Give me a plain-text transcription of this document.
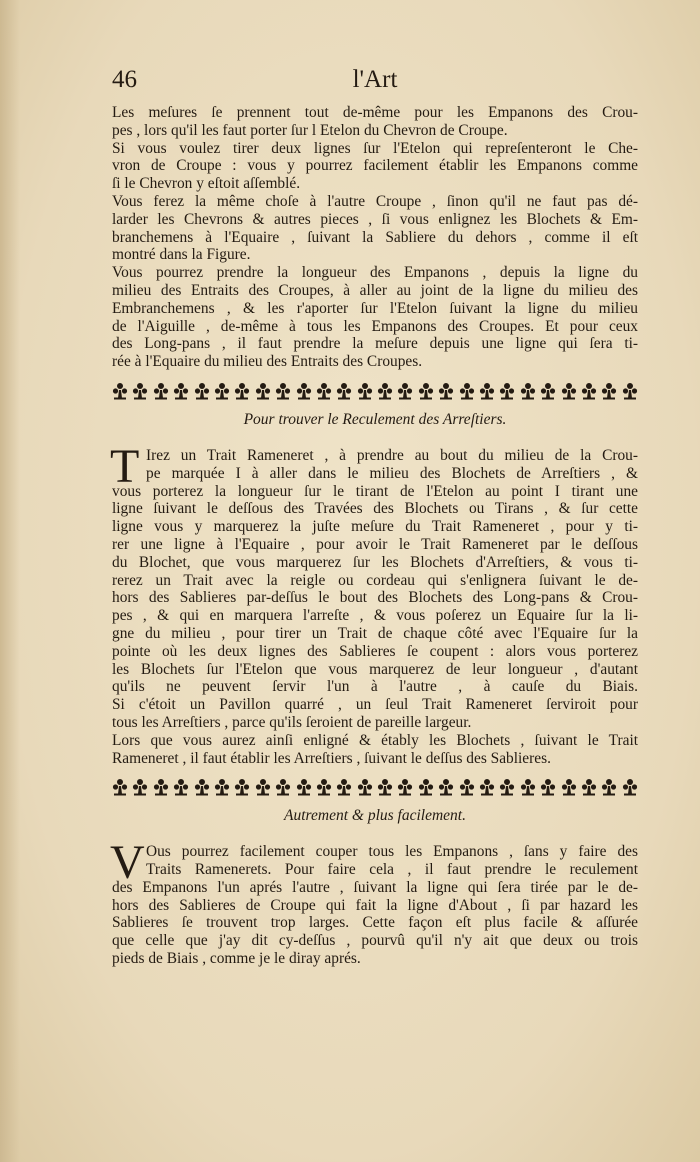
46	l'Art

Les meſures ſe prennent tout de-même pour les Empanons des Crou-
pes , lors qu'il les faut porter ſur l Etelon du Chevron de Croupe.

Si vous voulez tirer deux lignes ſur l'Etelon qui repreſenteront le Che-
vron de Croupe : vous y pourrez facilement établir les Empanons comme
ſi le Chevron y eſtoit aſſemblé.

Vous ferez la même choſe à l'autre Croupe , ſinon qu'il ne faut pas dé-
larder les Chevrons & autres pieces , ſi vous enlignez les Blochets & Em-
branchemens à l'Equaire , ſuivant la Sabliere du dehors , comme il eſt
montré dans la Figure.

Vous pourrez prendre la longueur des Empanons , depuis la ligne du
milieu des Entraits des Croupes, à aller au joint de la ligne du milieu des
Embranchemens , & les r'aporter ſur l'Etelon ſuivant la ligne du milieu
de l'Aiguille , de-même à tous les Empanons des Croupes. Et pour ceux
des Long-pans , il faut prendre la meſure depuis une ligne qui ſera ti-
rée à l'Equaire du milieu des Entraits des Croupes.

Pour trouver le Reculement des Arreſtiers.
T Irez un Trait Rameneret , à prendre au bout du milieu de la Crou-
pe marquée I à aller dans le milieu des Blochets de Arreſtiers , &
vous porterez la longueur ſur le tirant de l'Etelon au point I tirant une
ligne ſuivant le deſſous des Travées des Blochets ou Tirans , & ſur cette
ligne vous y marquerez la juſte meſure du Trait Rameneret , pour y ti-
rer une ligne à l'Equaire , pour avoir le Trait Rameneret par le deſſous
du Blochet, que vous marquerez ſur les Blochets d'Arreſtiers, & vous ti-
rerez un Trait avec la reigle ou cordeau qui s'enlignera ſuivant le de-
hors des Sablieres par-deſſus le bout des Blochets des Long-pans & Crou-
pes , & qui en marquera l'arreſte , & vous poſerez un Equaire ſur la li-
gne du milieu , pour tirer un Trait de chaque côté avec l'Equaire ſur la
pointe où les deux lignes des Sablieres ſe coupent : alors vous porterez
les Blochets ſur l'Etelon que vous marquerez de leur longueur , d'autant
qu'ils ne peuvent ſervir l'un à l'autre , à cauſe du Biais.

Si c'étoit un Pavillon quarré , un ſeul Trait Rameneret ſerviroit pour
tous les Arreſtiers , parce qu'ils ſeroient de pareille largeur.

Lors que vous aurez ainſi enligné & étably les Blochets , ſuivant le Trait
Rameneret , il faut établir les Arreſtiers , ſuivant le deſſus des Sablieres.

Autrement & plus facilement.
V Ous pourrez facilement couper tous les Empanons , ſans y faire des
Traits Ramenerets. Pour faire cela , il faut prendre le reculement
des Empanons l'un aprés l'autre , ſuivant la ligne qui ſera tirée par le de-
hors des Sablieres de Croupe qui fait la ligne d'About , ſi par hazard les
Sablieres ſe trouvent trop larges. Cette façon eſt plus facile & aſſurée
que celle que j'ay dit cy-deſſus , pourvû qu'il n'y ait que deux ou trois
pieds de Biais , comme je le diray aprés.
